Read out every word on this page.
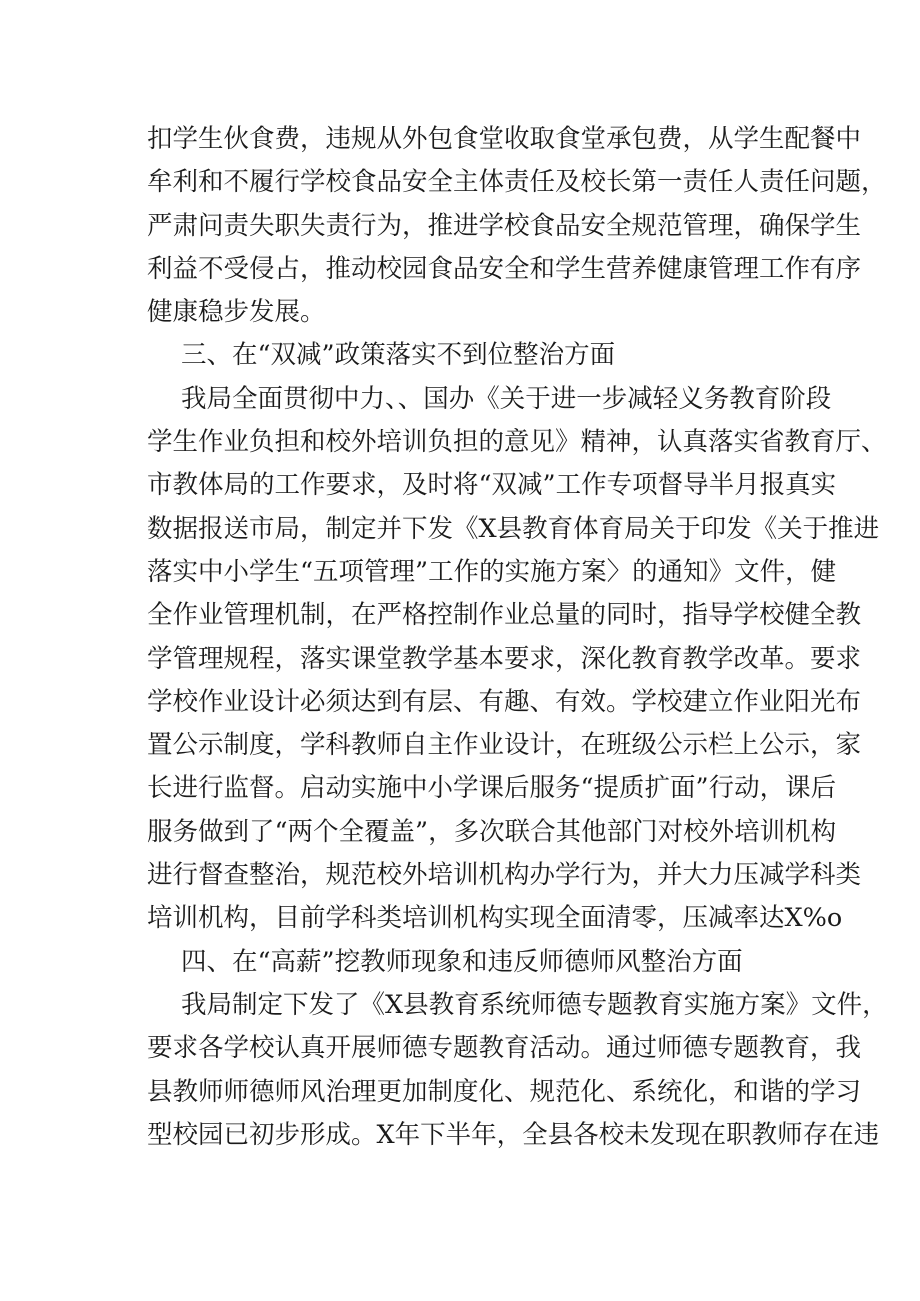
扣学生伙食费，违规从外包食堂收取食堂承包费，从学生配餐中
牟利和不履行学校食品安全主体责任及校长第一责任人责任问题，
严肃问责失职失责行为，推进学校食品安全规范管理，确保学生
利益不受侵占，推动校园食品安全和学生营养健康管理工作有序
健康稳步发展。
三、在“双减”政策落实不到位整治方面
我局全面贯彻中力、、国办《关于进一步减轻义务教育阶段
学生作业负担和校外培训负担的意见》精神，认真落实省教育厅、
市教体局的工作要求，及时将“双减”工作专项督导半月报真实
数据报送市局，制定并下发《X县教育体育局关于印发《关于推进
落实中小学生“五项管理”工作的实施方案〉的通知》文件，健
全作业管理机制，在严格控制作业总量的同时，指导学校健全教
学管理规程，落实课堂教学基本要求，深化教育教学改革。要求
学校作业设计必须达到有层、有趣、有效。学校建立作业阳光布
置公示制度，学科教师自主作业设计，在班级公示栏上公示，家
长进行监督。启动实施中小学课后服务“提质扩面”行动，课后
服务做到了“两个全覆盖”，多次联合其他部门对校外培训机构
进行督查整治，规范校外培训机构办学行为，并大力压减学科类
培训机构，目前学科类培训机构实现全面清零，压减率达X%o
四、在“高薪”挖教师现象和违反师德师风整治方面
我局制定下发了《X县教育系统师德专题教育实施方案》文件，
要求各学校认真开展师德专题教育活动。通过师德专题教育，我
县教师师德师风治理更加制度化、规范化、系统化，和谐的学习
型校园已初步形成。X年下半年，全县各校未发现在职教师存在违
